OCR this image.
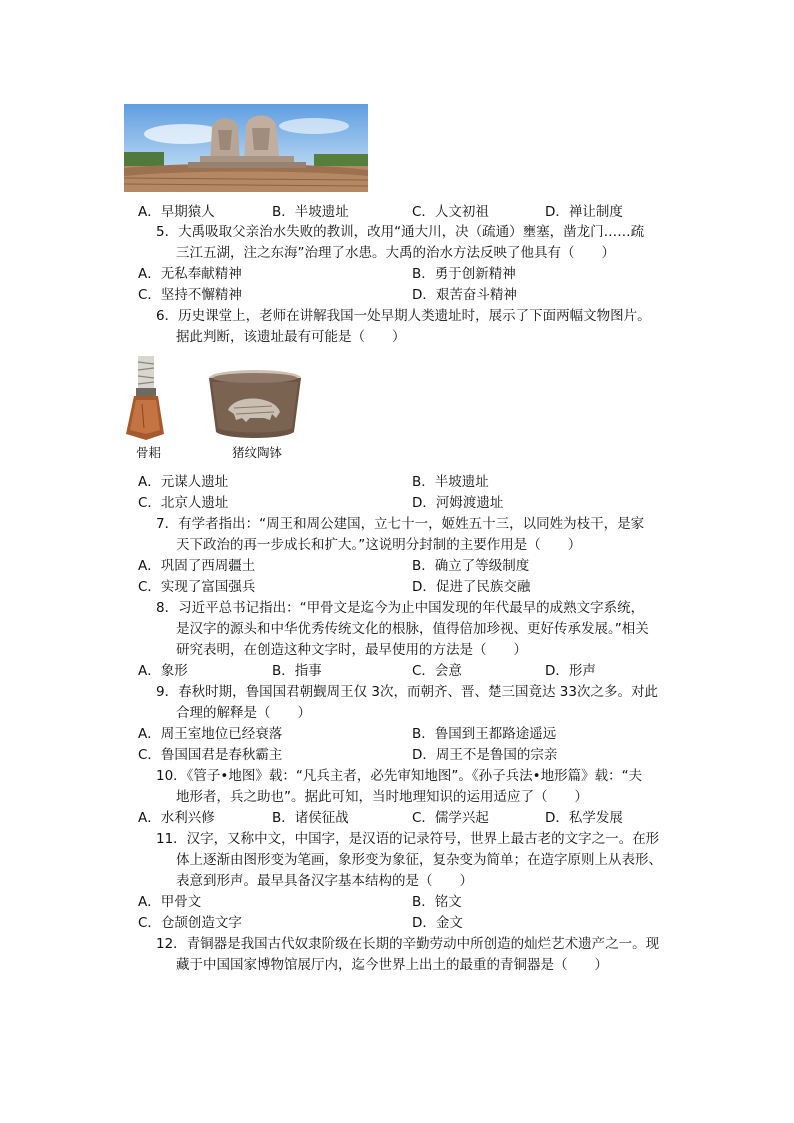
A．早期猿人	B．半坡遗址	C．人文初祖	D．禅让制度
5．大禹吸取父亲治水失败的教训，改用“通大川，决（疏通）壅塞，凿龙门……疏
三江五湖，注之东海”治理了水患。大禹的治水方法反映了他具有（　　）
A．无私奉献精神	B．勇于创新精神
C．坚持不懈精神	D．艰苦奋斗精神
6．历史课堂上，老师在讲解我国一处早期人类遗址时，展示了下面两幅文物图片。
据此判断，该遗址最有可能是（　　）
骨耜	猪纹陶钵
A．元谋人遗址	B．半坡遗址
C．北京人遗址	D．河姆渡遗址
7．有学者指出：“周王和周公建国，立七十一，姬姓五十三，以同姓为枝干，是家
天下政治的再一步成长和扩大。”这说明分封制的主要作用是（　　）
A．巩固了西周疆土	B．确立了等级制度
C．实现了富国强兵	D．促进了民族交融
8．习近平总书记指出：“甲骨文是迄今为止中国发现的年代最早的成熟文字系统，
是汉字的源头和中华优秀传统文化的根脉，值得倍加珍视、更好传承发展。”相关
研究表明，在创造这种文字时，最早使用的方法是（　　）
A．象形	B．指事	C．会意	D．形声
9．春秋时期，鲁国国君朝觐周王仅 3次，而朝齐、晋、楚三国竟达 33次之多。对此
合理的解释是（　　）
A．周王室地位已经衰落	B．鲁国到王都路途遥远
C．鲁国国君是春秋霸主	D．周王不是鲁国的宗亲
10．《管子•地图》载：“凡兵主者，必先审知地图”。《孙子兵法•地形篇》载：“夫
地形者，兵之助也”。据此可知，当时地理知识的运用适应了（　　）
A．水利兴修	B．诸侯征战	C．儒学兴起	D．私学发展
11．汉字，又称中文，中国字，是汉语的记录符号，世界上最古老的文字之一。在形
体上逐渐由图形变为笔画，象形变为象征，复杂变为简单；在造字原则上从表形、
表意到形声。最早具备汉字基本结构的是（　　）
A．甲骨文	B．铭文
C．仓颉创造文字	D．金文
12．青铜器是我国古代奴隶阶级在长期的辛勤劳动中所创造的灿烂艺术遗产之一。现
藏于中国国家博物馆展厅内，迄今世界上出土的最重的青铜器是（　　）
